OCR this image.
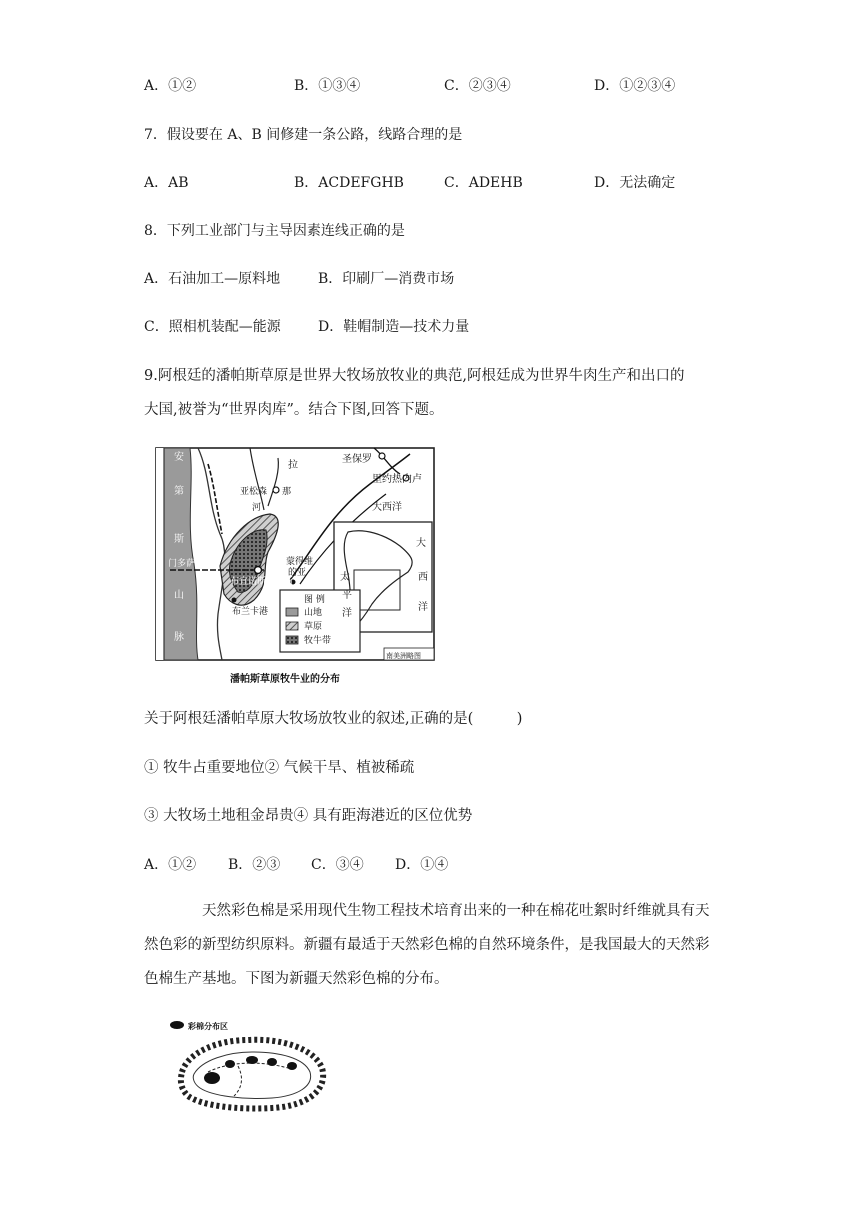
A．①②	B．①③④	C．②③④	D．①②③④
7．假设要在 A、B 间修建一条公路，线路合理的是
A．AB	B．ACDEFGHB	C．ADEHB	D．无法确定
8．下列工业部门与主导因素连线正确的是
A．石油加工—原料地	B．印刷厂—消费市场
C．照相机装配—能源	D．鞋帽制造—技术力量
9.阿根廷的潘帕斯草原是世界大牧场放牧业的典范,阿根廷成为世界牛肉生产和出口的
大国,被誉为“世界肉库”。结合下图,回答下题。
安
第
斯
山
脉
拉
圣保罗
里约热内卢
亚松森 那
河	大西洋
蒙得维
的亚
门多萨
布宜诺斯艾利斯
布兰卡港
大
西
洋
太
平
洋
图 例
山地
草原
牧牛带
南美洲略图
潘帕斯草原牧牛业的分布
关于阿根廷潘帕草原大牧场放牧业的叙述,正确的是(　　　)
① 牧牛占重要地位② 气候干旱、植被稀疏
③ 大牧场土地租金昂贵④ 具有距海港近的区位优势
A．①② B．②③ C．③④ D．①④
天然彩色棉是采用现代生物工程技术培育出来的一种在棉花吐絮时纤维就具有天然色彩的新型纺织原料。新疆有最适于天然彩色棉的自然环境条件，是我国最大的天然彩色棉生产基地。下图为新疆天然彩色棉的分布。
彩棉分布区
